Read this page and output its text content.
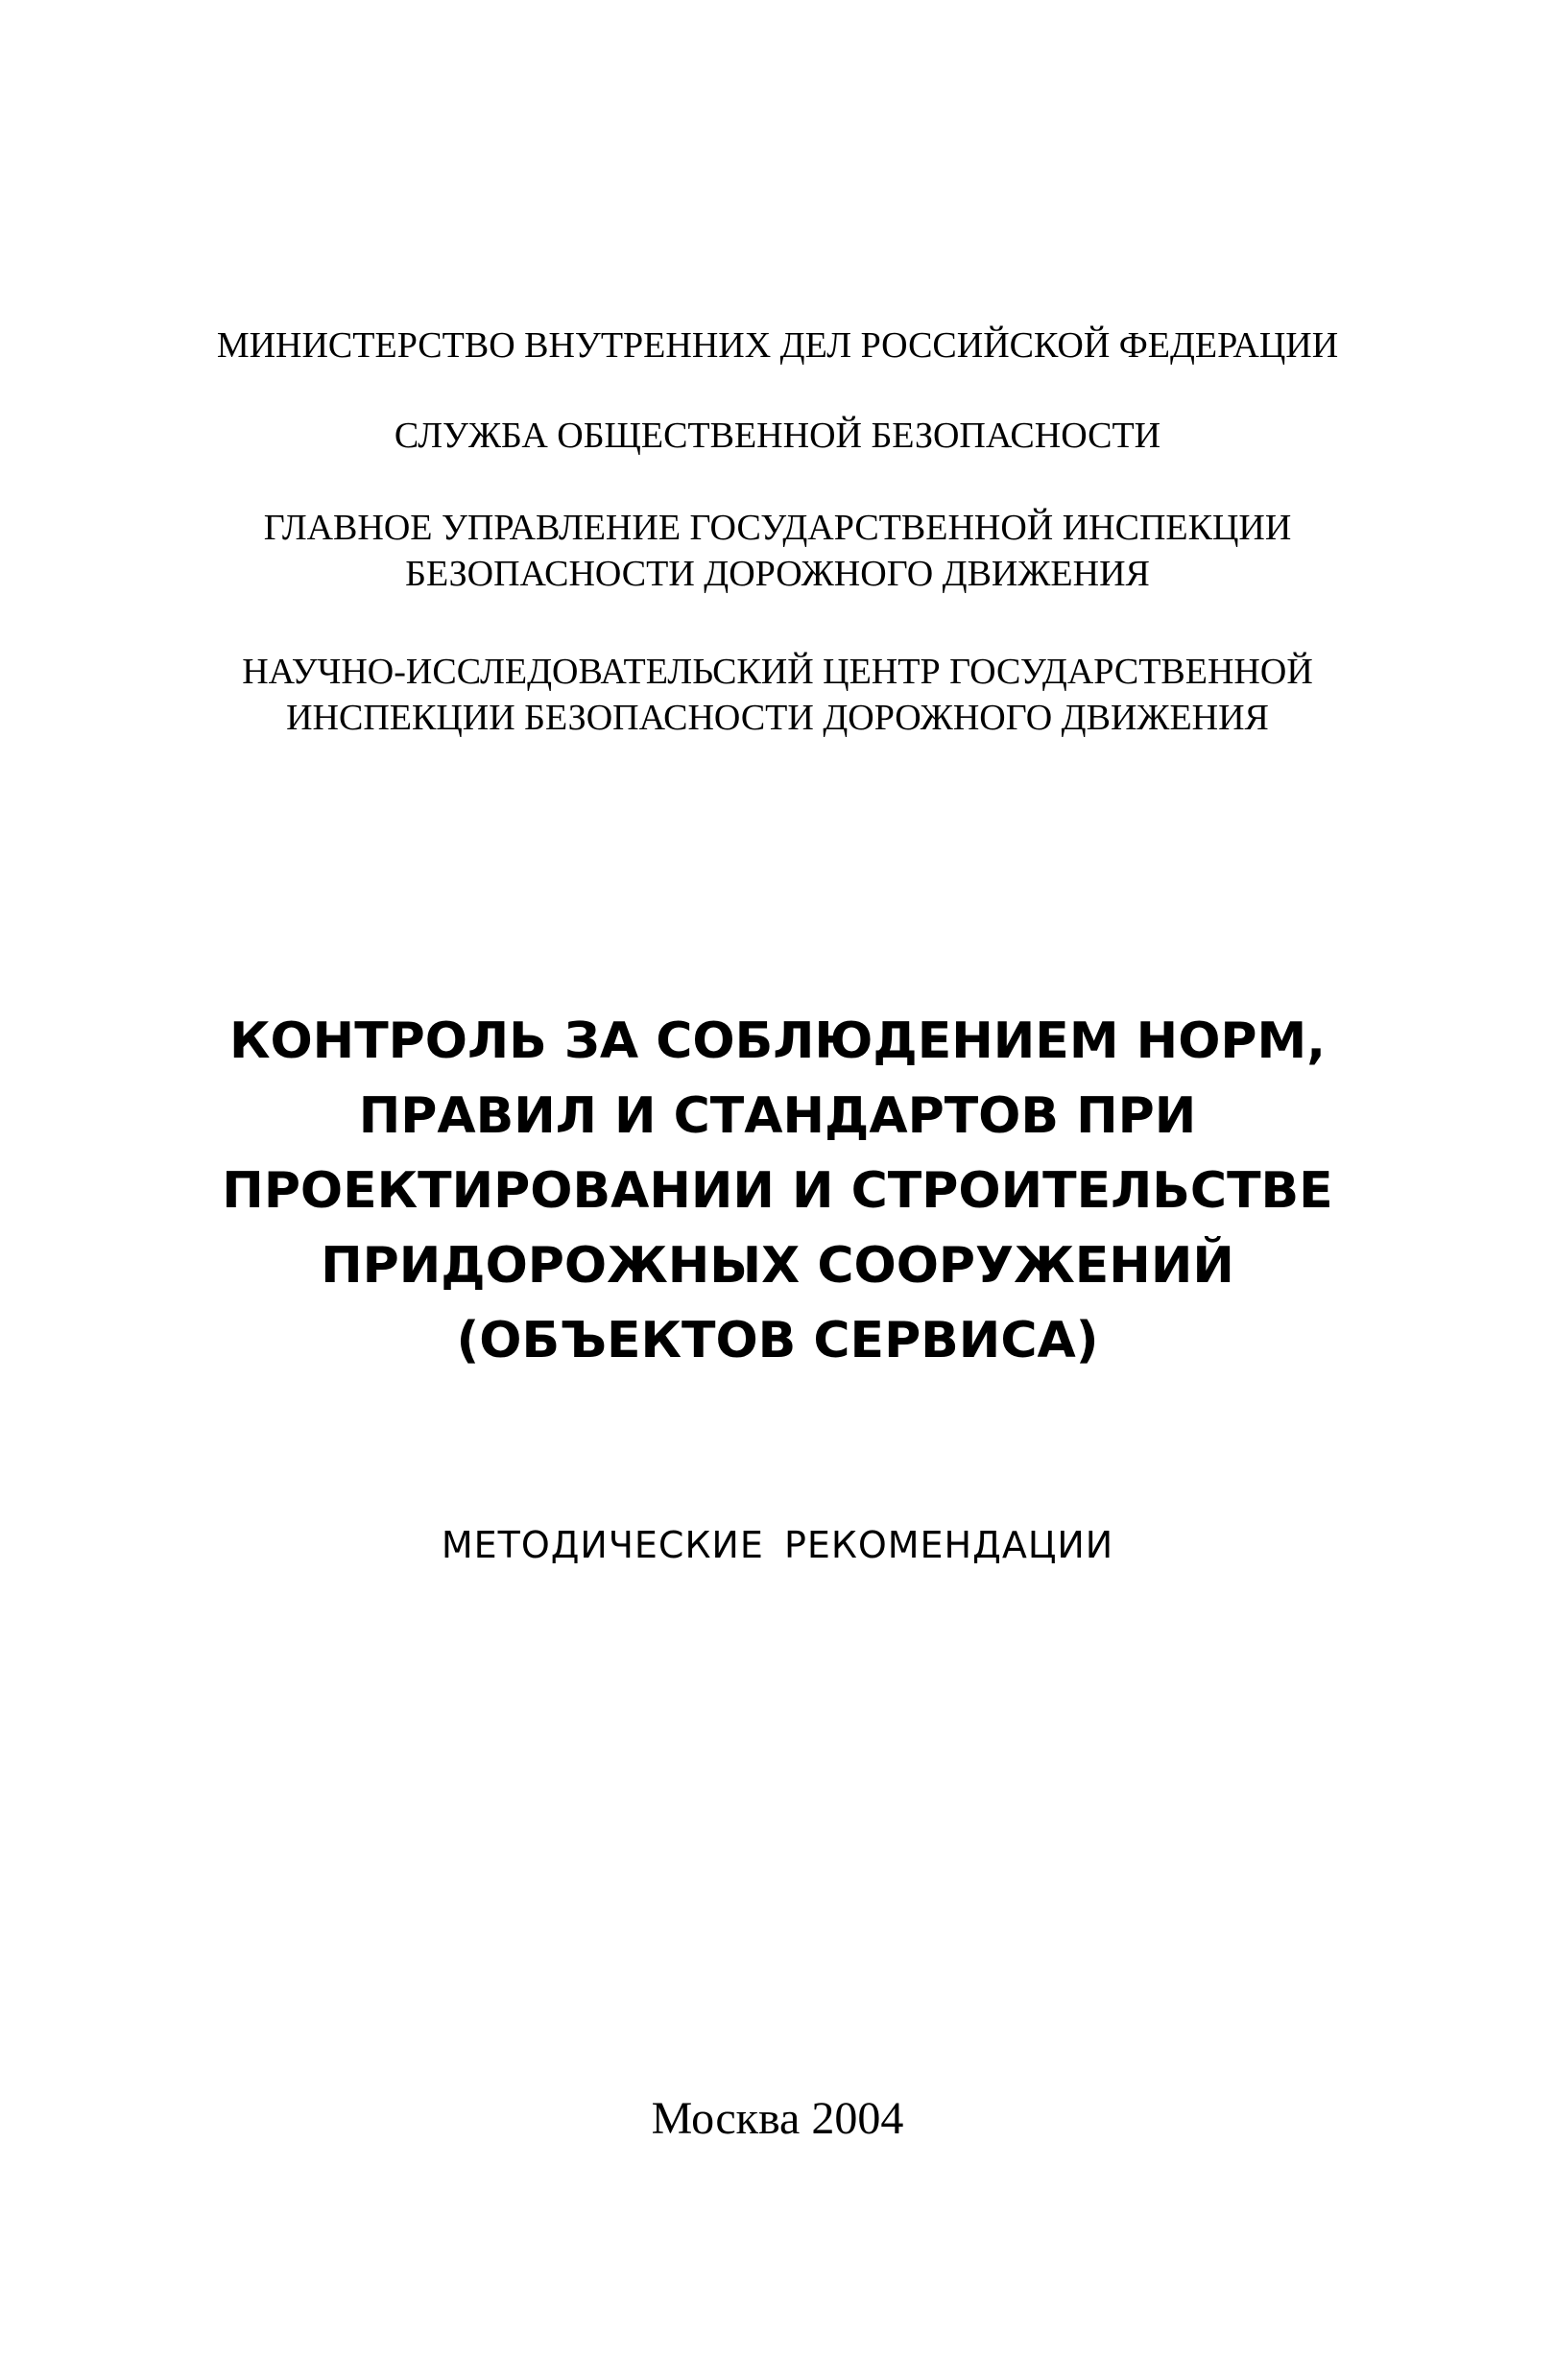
МИНИСТЕРСТВО ВНУТРЕННИХ ДЕЛ РОССИЙСКОЙ ФЕДЕРАЦИИ

СЛУЖБА ОБЩЕСТВЕННОЙ БЕЗОПАСНОСТИ

ГЛАВНОЕ УПРАВЛЕНИЕ ГОСУДАРСТВЕННОЙ ИНСПЕКЦИИ
БЕЗОПАСНОСТИ ДОРОЖНОГО ДВИЖЕНИЯ

НАУЧНО-ИССЛЕДОВАТЕЛЬСКИЙ ЦЕНТР ГОСУДАРСТВЕННОЙ
ИНСПЕКЦИИ БЕЗОПАСНОСТИ ДОРОЖНОГО ДВИЖЕНИЯ

КОНТРОЛЬ ЗА СОБЛЮДЕНИЕМ НОРМ,
ПРАВИЛ И СТАНДАРТОВ ПРИ
ПРОЕКТИРОВАНИИ И СТРОИТЕЛЬСТВЕ
ПРИДОРОЖНЫХ СООРУЖЕНИЙ
(ОБЪЕКТОВ СЕРВИСА)

МЕТОДИЧЕСКИЕ РЕКОМЕНДАЦИИ

Москва 2004
